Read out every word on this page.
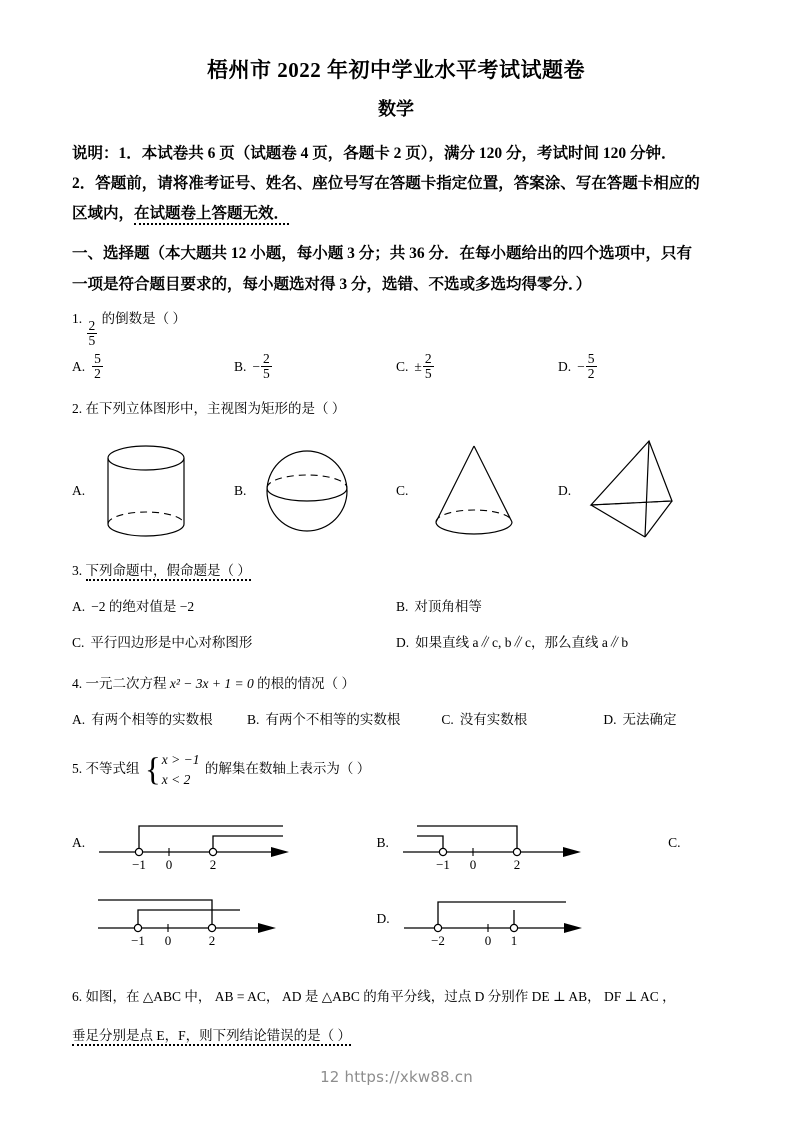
梧州市 2022 年初中学业水平考试试题卷
数学

说明：1．本试卷共 6 页（试题卷 4 页，各题卡 2 页），满分 120 分，考试时间 120 分钟．

2．答题前，请将准考证号、姓名、座位号写在答题卡指定位置，答案涂、写在答题卡相应的

区域内，在试题卷上答题无效．

一、选择题（本大题共 12 小题，每小题 3 分；共 36 分．在每小题给出的四个选项中，只有
一项是符合题目要求的，每小题选对得 3 分，选错、不选或多选均得零分．）
1.
$\frac{2}{5}$
的倒数是（ ）
A. $\frac{5}{2}$	B. − $\frac{2}{5}$	C. ± $\frac{2}{5}$	D. − $\frac{5}{2}$
2. 在下列立体图形中，主视图为矩形的是（ ）
A.	B.	C.	D.
3. 下列命题中，假命题是（ ）
A. −2 的绝对值是 −2	B. 对顶角相等
C. 平行四边形是中心对称图形	D. 如果直线 a∥c, b∥c，那么直线 a∥b
4. 一元二次方程 x² − 3x + 1 = 0 的根的情况（ ）
A. 有两个相等的实数根	B. 有两个不相等的实数根	C. 没有实数根	D. 无法确定
5. 不等式组 { x > −1
x < 2
的解集在数轴上表示为（ ）
A.
−1 0	2
B.
−1 0	2
C.
−1 0	2
D.
−2	0 1
6. 如图，在 △ABC 中， AB = AC， AD 是 △ABC 的角平分线，过点 D 分别作 DE ⊥ AB， DF ⊥ AC ，
垂足分别是点 E，F，则下列结论错误的是（ ）
12 https://xkw88.cn
